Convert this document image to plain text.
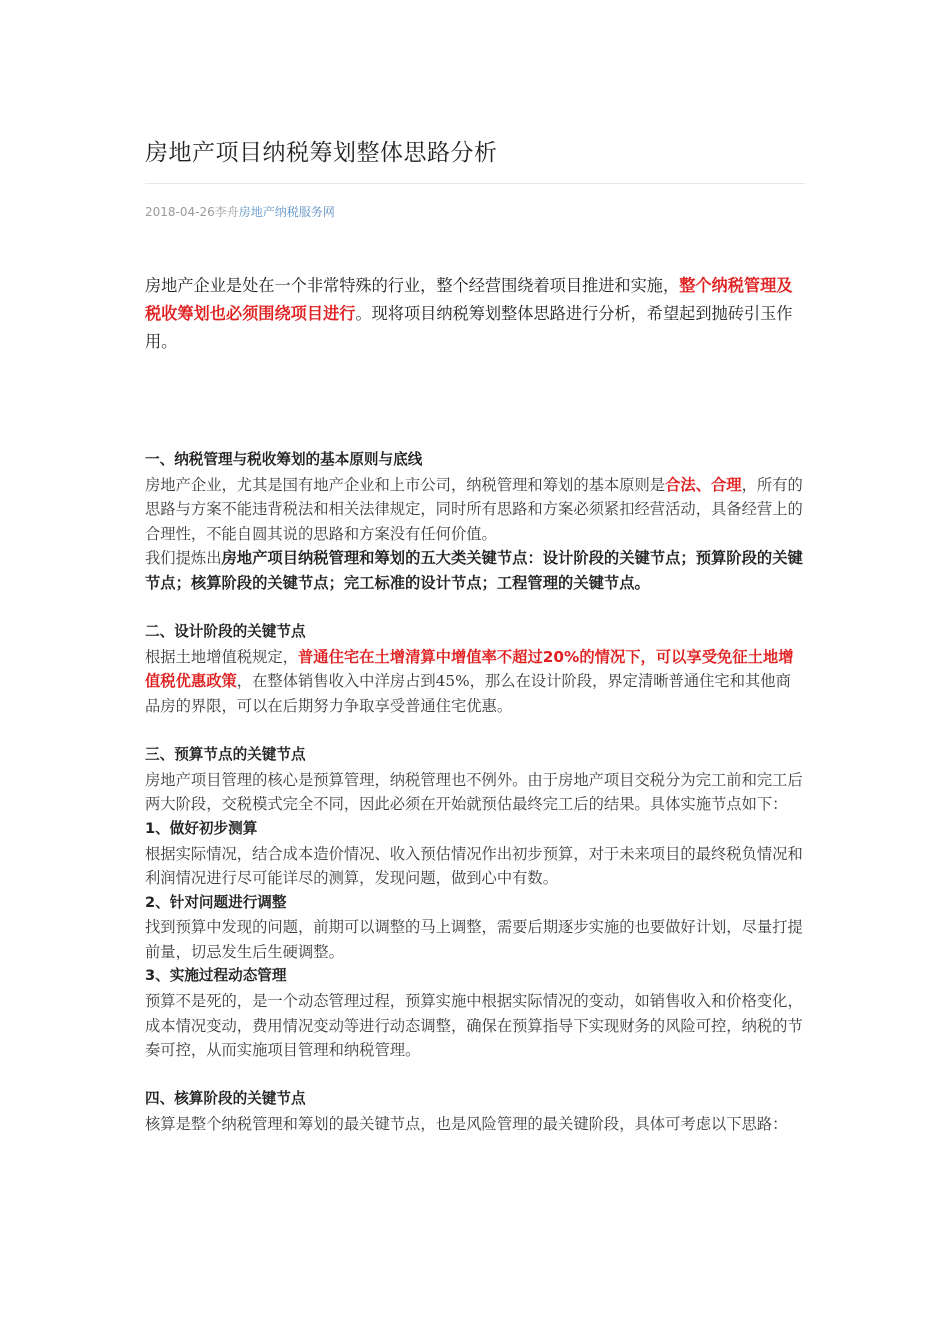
房地产项目纳税筹划整体思路分析
2018-04-26李舟房地产纳税服务网
房地产企业是处在一个非常特殊的行业，整个经营围绕着项目推进和实施，整个纳税管理及税收筹划也必须围绕项目进行。现将项目纳税筹划整体思路进行分析，希望起到抛砖引玉作用。

一、纳税管理与税收筹划的基本原则与底线

房地产企业，尤其是国有地产企业和上市公司，纳税管理和筹划的基本原则是合法、合理，所有的思路与方案不能违背税法和相关法律规定，同时所有思路和方案必须紧扣经营活动，具备经营上的合理性，不能自圆其说的思路和方案没有任何价值。

我们提炼出房地产项目纳税管理和筹划的五大类关键节点：设计阶段的关键节点；预算阶段的关键节点；核算阶段的关键节点；完工标准的设计节点；工程管理的关键节点。

二、设计阶段的关键节点

根据土地增值税规定，普通住宅在土增清算中增值率不超过20%的情况下，可以享受免征土地增值税优惠政策，在整体销售收入中洋房占到45%，那么在设计阶段，界定清晰普通住宅和其他商品房的界限，可以在后期努力争取享受普通住宅优惠。

三、预算节点的关键节点

房地产项目管理的核心是预算管理，纳税管理也不例外。由于房地产项目交税分为完工前和完工后两大阶段，交税模式完全不同，因此必须在开始就预估最终完工后的结果。具体实施节点如下：

1、做好初步测算

根据实际情况，结合成本造价情况、收入预估情况作出初步预算，对于未来项目的最终税负情况和利润情况进行尽可能详尽的测算，发现问题，做到心中有数。

2、针对问题进行调整

找到预算中发现的问题，前期可以调整的马上调整，需要后期逐步实施的也要做好计划，尽量打提前量，切忌发生后生硬调整。

3、实施过程动态管理

预算不是死的，是一个动态管理过程，预算实施中根据实际情况的变动，如销售收入和价格变化，成本情况变动，费用情况变动等进行动态调整，确保在预算指导下实现财务的风险可控，纳税的节奏可控，从而实施项目管理和纳税管理。

四、核算阶段的关键节点

核算是整个纳税管理和筹划的最关键节点，也是风险管理的最关键阶段，具体可考虑以下思路：
